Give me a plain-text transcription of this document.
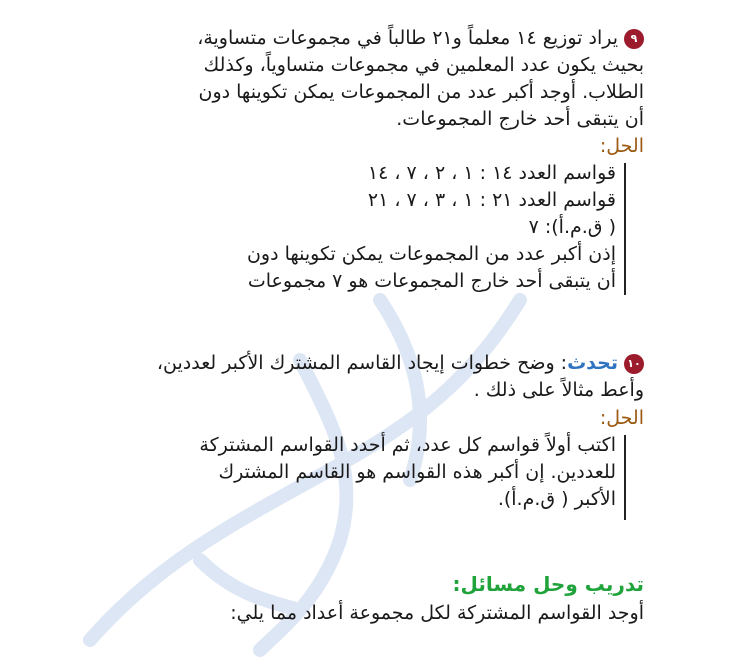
٩يراد توزيع ١٤ معلماً و٢١ طالباً في مجموعات متساوية،
بحيث يكون عدد المعلمين في مجموعات متساوياً، وكذلك
الطلاب. أوجد أكبر عدد من المجموعات يمكن تكوينها دون
أن يتبقى أحد خارج المجموعات.
الحل:
قواسم العدد ١٤ : ١ ، ٢ ، ٧ ، ١٤
قواسم العدد ٢١ : ١ ، ٣ ، ٧ ، ٢١
( ق.م.أ): ٧
إذن أكبر عدد من المجموعات يمكن تكوينها دون
أن يتبقى أحد خارج المجموعات هو ٧ مجموعات
١٠تحدث: وضح خطوات إيجاد القاسم المشترك الأكبر لعددين،
وأعط مثالاً على ذلك .
الحل:
اكتب أولاً قواسم كل عدد، ثم أحدد القواسم المشتركة
للعددين. إن أكبر هذه القواسم هو القاسم المشترك
الأكبر ( ق.م.أ).
تدريب وحل مسائل:
أوجد القواسم المشتركة لكل مجموعة أعداد مما يلي:
